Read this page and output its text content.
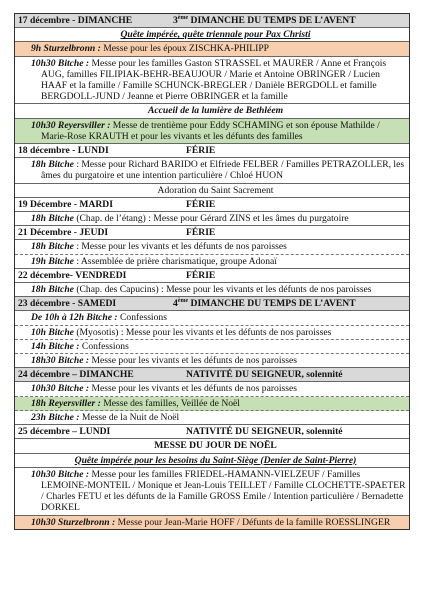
17 décembre - DIMANCHE	3ème DIMANCHE DU TEMPS DE L’AVENT
Quête impérée, quête triennale pour Pax Christi
9h Sturzelbronn : Messe pour les époux ZISCHKA-PHILIPP
10h30 Bitche : Messe pour les familles Gaston STRASSEL et MAURER / Anne et François AUG, familles FILIPIAK-BEHR-BEAUJOUR / Marie et Antoine OBRINGER / Lucien HAAF et la famille / Famille SCHUNCK-BREGLER / Danièle BERGDOLL et famille BERGDOLL-JUND / Jeanne et Pierre OBRINGER et la famille
Accueil de la lumière de Bethléem
10h30 Reyersviller : Messe de trentième pour Eddy SCHAMING et son épouse Mathilde / Marie-Rose KRAUTH et pour les vivants et les défunts des familles
18 décembre - LUNDI	FÉRIE
18h Bitche : Messe pour Richard BARIDO et Elfriede FELBER / Familles PETRAZOLLER, les âmes du purgatoire et une intention particulière / Chloé HUON
Adoration du Saint Sacrement
19 Décembre - MARDI	FÉRIE
18h Bitche (Chap. de l’étang) : Messe pour Gérard ZINS et les âmes du purgatoire
21 Décembre - JEUDI	FÉRIE
18h Bitche : Messe pour les vivants et les défunts de nos paroisses
19h Bitche : Assemblée de prière charismatique, groupe Adonaï
22 décembre- VENDREDI	FÉRIE
18h Bitche (Chap. des Capucins) : Messe pour les vivants et les défunts de nos paroisses
23 décembre - SAMEDI	4ème DIMANCHE DU TEMPS DE L’AVENT
De 10h à 12h Bitche : Confessions
10h Bitche (Myosotis) : Messe pour les vivants et les défunts de nos paroisses
14h Bitche : Confessions
18h30 Bitche : Messe pour les vivants et les défunts de nos paroisses
24 décembre – DIMANCHE	NATIVITÉ DU SEIGNEUR, solennité
10h30 Bitche : Messe pour les vivants et les défunts de nos paroisses
18h Reyersviller : Messe des familles, Veillée de Noël
23h Bitche : Messe de la Nuit de Noël
25 décembre – LUNDI	NATIVITÉ DU SEIGNEUR, solennité
MESSE DU JOUR DE NOËL
Quête impérée pour les besoins du Saint-Siège (Denier de Saint-Pierre)
10h30 Bitche : Messe pour les familles FRIEDEL-HAMANN-VIELZEUF / Familles LEMOINE-MONTEIL / Monique et Jean-Louis TEILLET / Famille CLOCHETTE-SPAETER / Charles FETU et les défunts de la Famille GROSS Emile / Intention particulière / Bernadette DORKEL
10h30 Sturzelbronn : Messe pour Jean-Marie HOFF / Défunts de la famille ROESSLINGER
